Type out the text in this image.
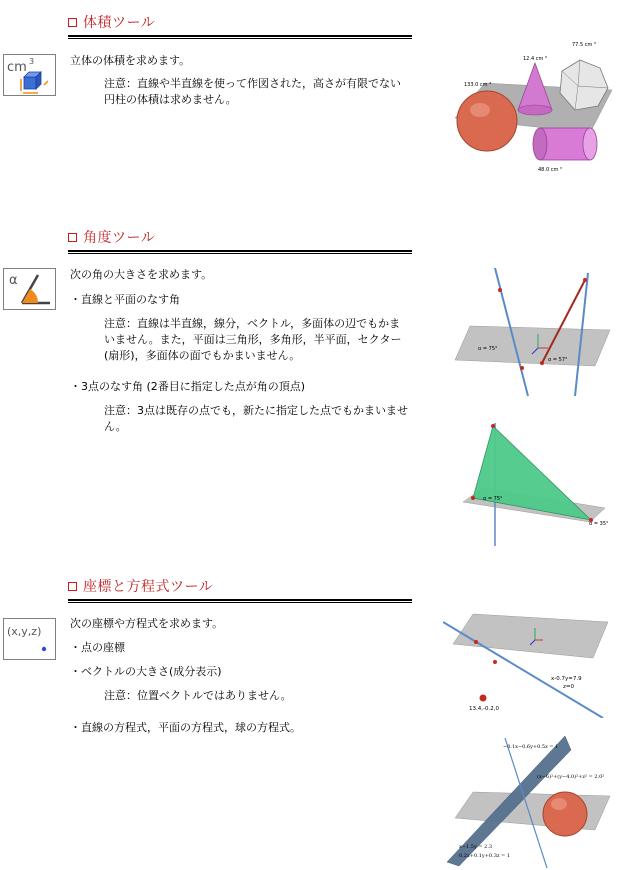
体積ツール
cm 3	立体の体積を求めます。
注意：直線や半直線を使って作図された，高さが有限でない円柱の体積は求めません。
12.4 cm ³
77.5 cm ³
133.0 cm ³
48.0 cm ³
角度ツール
α	次の角の大きさを求めます。
・直線と平面のなす角
注意：直線は半直線，線分，ベクトル，多面体の辺でもかまいません。また，平面は三角形，多角形，半平面，セクター(扇形)，多面体の面でもかまいません。
・3点のなす角 (2番目に指定した点が角の頂点)
注意：3点は既存の点でも，新たに指定した点でもかまいません。
α = 75°
α = 57°
α = 75°
α = 35°
座標と方程式ツール
(x,y,z)
次の座標や方程式を求めます。
・点の座標
・ベクトルの大きさ(成分表示)
注意：位置ベクトルではありません。
・直線の方程式，平面の方程式，球の方程式。
x-0.7y=7.9
z=0
13.4,-0.2,0
−0.1x−0.6y+0.5z = 1
(x−6)²+(y−4.0)²+z² = 2.0²
x−1.5y = 2.3
0.2x+0.1y+0.3z = 1
